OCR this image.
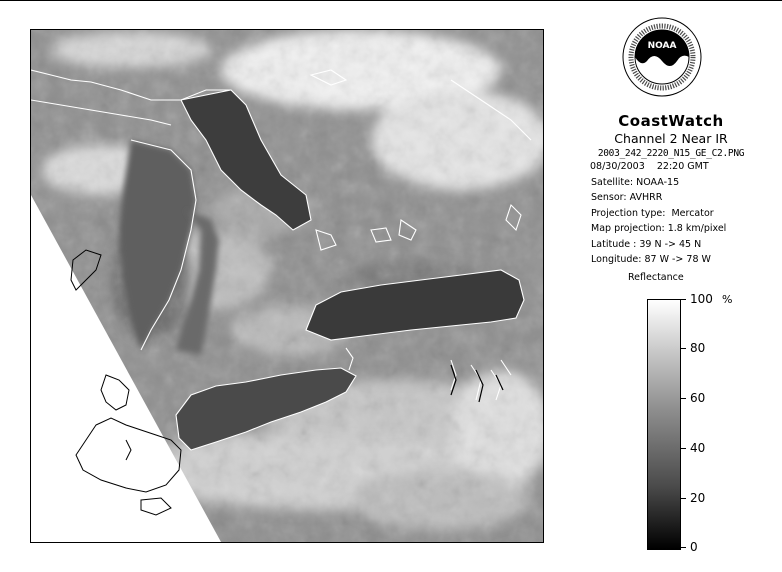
NOAA
CoastWatch
Channel 2 Near IR
2003_242_2220_N15_GE_C2.PNG
08/30/2003 22:20 GMT
Satellite: NOAA-15
Sensor: AVHRR
Projection type:  Mercator
Map projection: 1.8 km/pixel
Latitude : 39 N -> 45 N
Longitude: 87 W -> 78 W
Reflectance
%
100
80
60
40
20
0
